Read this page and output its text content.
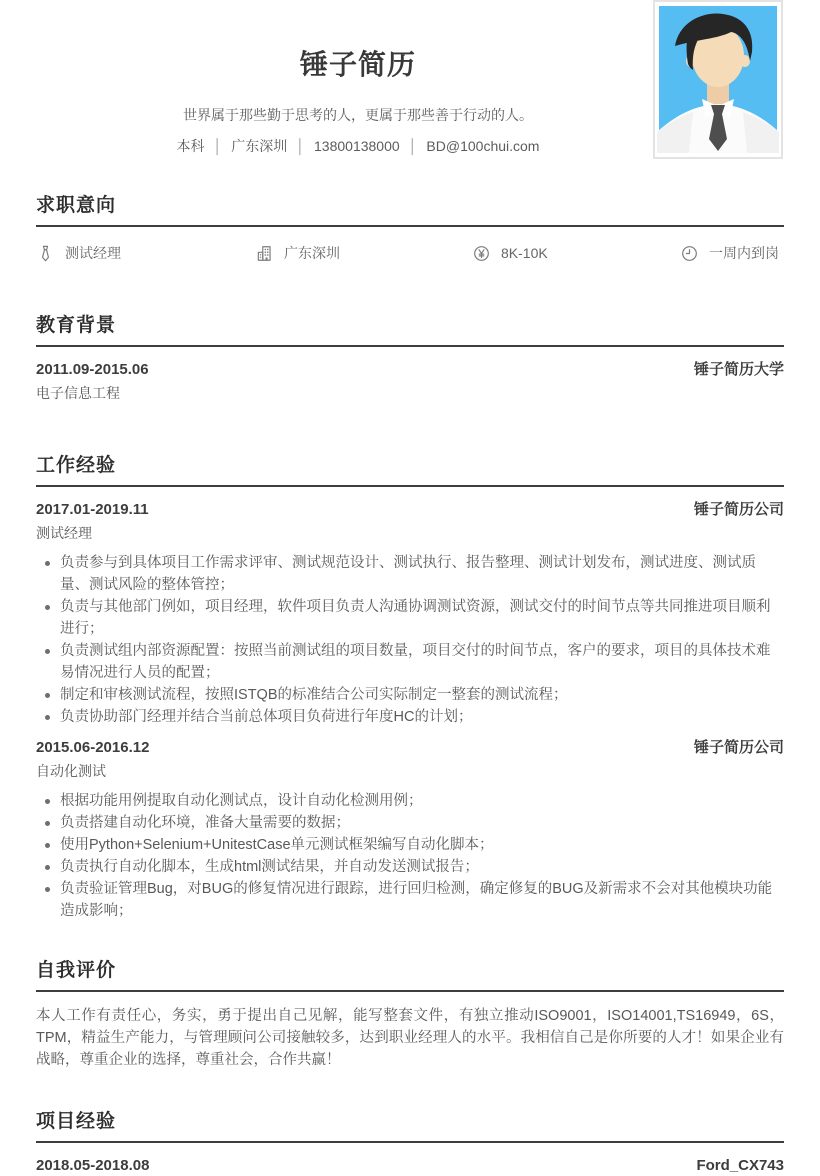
锤子简历
世界属于那些勤于思考的人，更属于那些善于行动的人。
本科 │ 广东深圳 │ 13800138000 │ BD@100chui.com
求职意向
测试经理	广东深圳	8K-10K	一周内到岗
教育背景
2011.09-2015.06	锤子简历大学
电子信息工程
工作经验
2017.01-2019.11	锤子简历公司
测试经理
负责参与到具体项目工作需求评审、测试规范设计、测试执行、报告整理、测试计划发布，测试进度、测试质量、测试风险的整体管控；
负责与其他部门例如，项目经理，软件项目负责人沟通协调测试资源，测试交付的时间节点等共同推进项目顺利进行；
负责测试组内部资源配置：按照当前测试组的项目数量，项目交付的时间节点，客户的要求，项目的具体技术难易情况进行人员的配置；
制定和审核测试流程，按照ISTQB的标准结合公司实际制定一整套的测试流程；
负责协助部门经理并结合当前总体项目负荷进行年度HC的计划；
2015.06-2016.12	锤子简历公司
自动化测试
根据功能用例提取自动化测试点，设计自动化检测用例；
负责搭建自动化环境，准备大量需要的数据；
使用Python+Selenium+UnitestCase单元测试框架编写自动化脚本；
负责执行自动化脚本，生成html测试结果，并自动发送测试报告；
负责验证管理Bug，对BUG的修复情况进行跟踪，进行回归检测，确定修复的BUG及新需求不会对其他模块功能造成影响；
自我评价
本人工作有责任心，务实，勇于提出自己见解，能写整套文件，有独立推动ISO9001，ISO14001,TS16949，6S，TPM，精益生产能力，与管理顾问公司接触较多，达到职业经理人的水平。我相信自己是你所要的人才！如果企业有战略，尊重企业的选择，尊重社会，合作共赢！
项目经验
2018.05-2018.08	Ford_CX743
